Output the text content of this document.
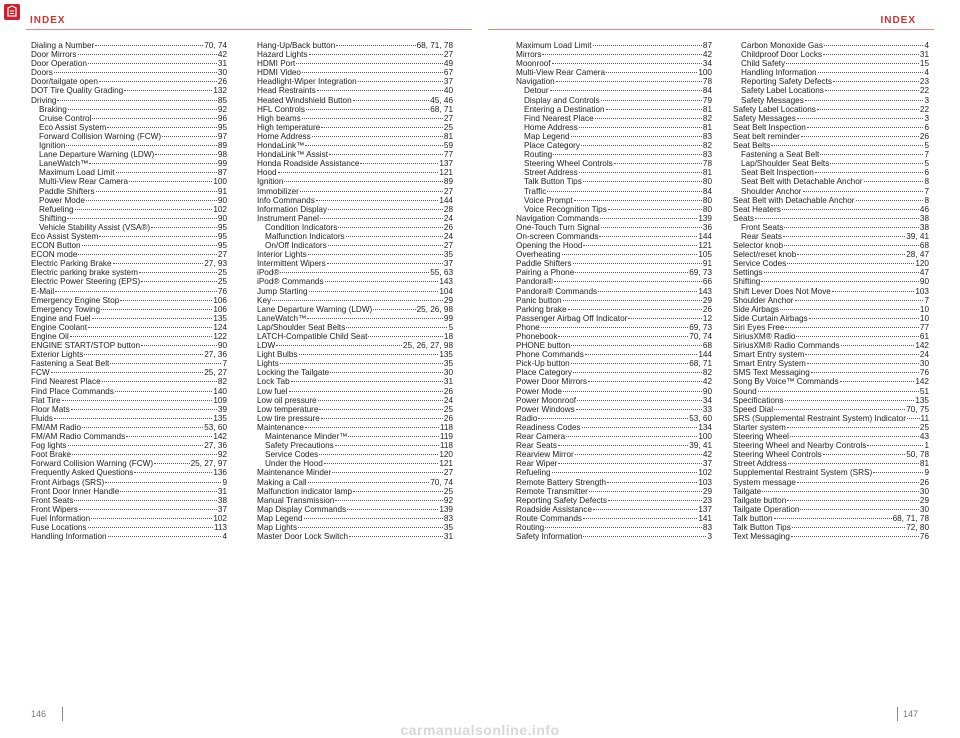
INDEX	INDEX
Dialing a Number	70, 74
Door Mirrors	42
Door Operation	31
Doors	30
Door/tailgate open	26
DOT Tire Quality Grading	132
Driving	85
Braking	92
Cruise Control	96
Eco Assist System	95
Forward Collision Warning (FCW)	97
Ignition	89
Lane Departure Warning (LDW)	98
LaneWatch™	99
Maximum Load Limit	87
Multi-View Rear Camera	100
Paddle Shifters	91
Power Mode	90
Refueling	102
Shifting	90
Vehicle Stability Assist (VSA®)	95
Eco Assist System	95
ECON Button	95
ECON mode	27
Electric Parking Brake	27, 93
Electric parking brake system	25
Electric Power Steering (EPS)	25
E-Mail	76
Emergency Engine Stop	106
Emergency Towing	106
Engine and Fuel	135
Engine Coolant	124
Engine Oil	122
ENGINE START/STOP button	90
Exterior Lights	27, 36
Fastening a Seat Belt	7
FCW	25, 27
Find Nearest Place	82
Find Place Commands	140
Flat Tire	109
Floor Mats	39
Fluids	135
FM/AM Radio	53, 60
FM/AM Radio Commands	142
Fog lights	27, 36
Foot Brake	92
Forward Collision Warning (FCW)	25, 27, 97
Frequently Asked Questions	136
Front Airbags (SRS)	9
Front Door Inner Handle	31
Front Seats	38
Front Wipers	37
Fuel Information	102
Fuse Locations	113
Handling Information	4
Hang-Up/Back button	68, 71, 78
Hazard Lights	27
HDMI Port	49
HDMI Video	67
Headlight-Wiper Integration	37
Head Restraints	40
Heated Windshield Button	45, 46
HFL Controls	68, 71
High beams	27
High temperature	25
Home Address	81
HondaLink™	59
HondaLink™ Assist	77
Honda Roadside Assistance	137
Hood	121
Ignition	89
Immobilizer	27
Info Commands	144
Information Display	28
Instrument Panel	24
Condition Indicators	26
Malfunction Indicators	24
On/Off Indicators	27
Interior Lights	35
Intermittent Wipers	37
iPod®	55, 63
iPod® Commands	143
Jump Starting	104
Key	29
Lane Departure Warning (LDW)	25, 26, 98
LaneWatch™	99
Lap/Shoulder Seat Belts	5
LATCH-Compatible Child Seat	18
LDW	25, 26, 27, 98
Light Bulbs	135
Lights	35
Locking the Tailgate	30
Lock Tab	31
Low fuel	26
Low oil pressure	24
Low temperature	25
Low tire pressure	26
Maintenance	118
Maintenance Minder™	119
Safety Precautions	118
Service Codes	120
Under the Hood	121
Maintenance Minder	27
Making a Call	70, 74
Malfunction indicator lamp	25
Manual Transmission	92
Map Display Commands	139
Map Legend	83
Map Lights	35
Master Door Lock Switch	31
Maximum Load Limit	87
Mirrors	42
Moonroof	34
Multi-View Rear Camera	100
Navigation	78
Detour	84
Display and Controls	79
Entering a Destination	81
Find Nearest Place	82
Home Address	81
Map Legend	83
Place Category	82
Routing	83
Steering Wheel Controls	78
Street Address	81
Talk Button Tips	80
Traffic	84
Voice Prompt	80
Voice Recognition Tips	80
Navigation Commands	139
One-Touch Turn Signal	36
On-screen Commands	144
Opening the Hood	121
Overheating	105
Paddle Shifters	91
Pairing a Phone	69, 73
Pandora®	66
Pandora® Commands	143
Panic button	29
Parking brake	26
Passenger Airbag Off Indicator	12
Phone	69, 73
Phonebook	70, 74
PHONE button	68
Phone Commands	144
Pick-Up button	68, 71
Place Category	82
Power Door Mirrors	42
Power Mode	90
Power Moonroof	34
Power Windows	33
Radio	53, 60
Readiness Codes	134
Rear Camera	100
Rear Seats	39, 41
Rearview Mirror	42
Rear Wiper	37
Refueling	102
Remote Battery Strength	103
Remote Transmitter	29
Reporting Safety Defects	23
Roadside Assistance	137
Route Commands	141
Routing	83
Safety Information	3
Carbon Monoxide Gas	4
Childproof Door Locks	31
Child Safety	15
Handling Information	4
Reporting Safety Defects	23
Safety Label Locations	22
Safety Messages	3
Safety Label Locations	22
Safety Messages	3
Seat Belt Inspection	6
Seat belt reminder	26
Seat Belts	5
Fastening a Seat Belt	7
Lap/Shoulder Seat Belts	5
Seat Belt Inspection	6
Seat Belt with Detachable Anchor	8
Shoulder Anchor	7
Seat Belt with Detachable Anchor	8
Seat Heaters	46
Seats	38
Front Seats	38
Rear Seats	39, 41
Selector knob	68
Select/reset knob	28, 47
Service Codes	120
Settings	47
Shifting	90
Shift Lever Does Not Move	103
Shoulder Anchor	7
Side Airbags	10
Side Curtain Airbags	10
Siri Eyes Free	77
SiriusXM® Radio	61
SiriusXM® Radio Commands	142
Smart Entry system	24
Smart Entry System	30
SMS Text Messaging	76
Song By Voice™ Commands	142
Sound	51
Specifications	135
Speed Dial	70, 75
SRS (Supplemental Restraint System) Indicator 11
Starter system	25
Steering Wheel	43
Steering Wheel and Nearby Controls	1
Steering Wheel Controls	50, 78
Street Address	81
Supplemental Restraint System (SRS)	9
System message	26
Tailgate	30
Tailgate button	29
Tailgate Operation	30
Talk button	68, 71, 78
Talk Button Tips	72, 80
Text Messaging	76
146	147
carmanualsonline.info
